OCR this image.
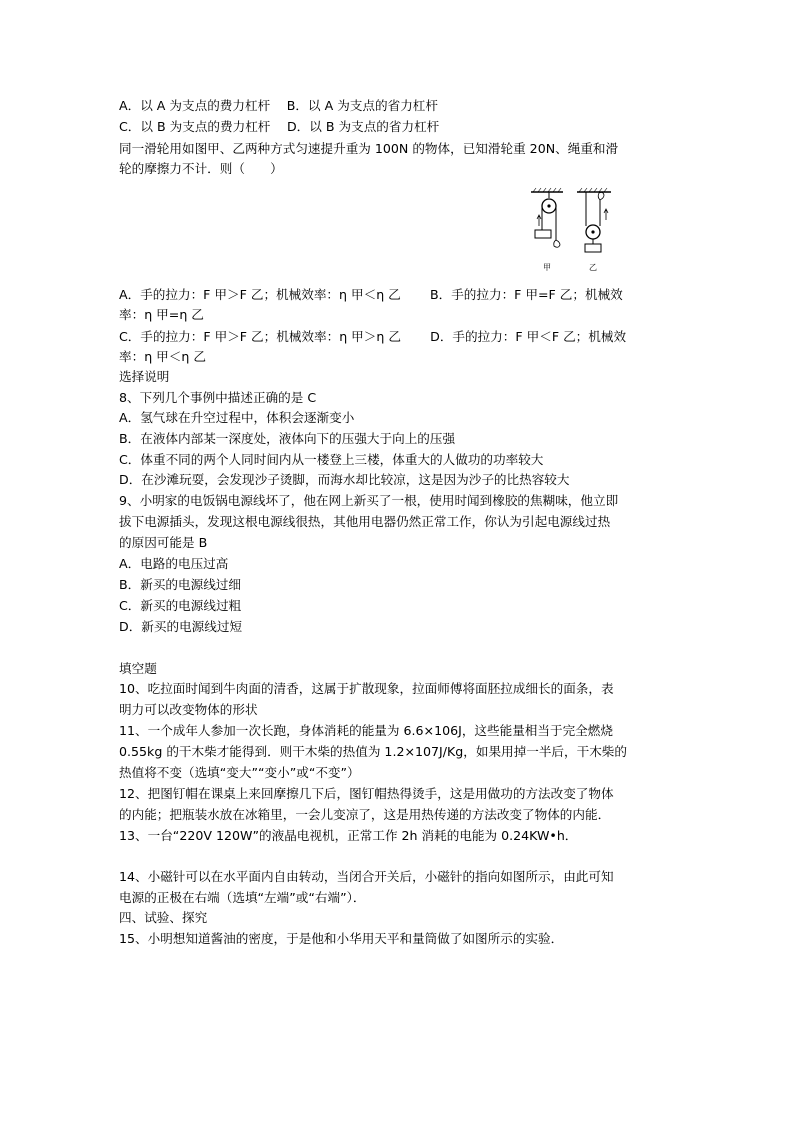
A．以 A 为支点的费力杠杆　 B．以 A 为支点的省力杠杆
C．以 B 为支点的费力杠杆　 D．以 B 为支点的省力杠杆
同一滑轮用如图甲、乙两种方式匀速提升重为 100N 的物体，已知滑轮重 20N、绳重和滑
轮的摩擦力不计．则（　　）
甲	乙
A．手的拉力：F 甲＞F 乙；机械效率：η 甲＜η 乙　　 B．手的拉力：F 甲=F 乙；机械效
率：η 甲=η 乙
C．手的拉力：F 甲＞F 乙；机械效率：η 甲＞η 乙　　 D．手的拉力：F 甲＜F 乙；机械效
率：η 甲＜η 乙
选择说明
8、下列几个事例中描述正确的是 C
A．氢气球在升空过程中，体积会逐渐变小
B．在液体内部某一深度处，液体向下的压强大于向上的压强
C．体重不同的两个人同时间内从一楼登上三楼，体重大的人做功的功率较大
D．在沙滩玩耍，会发现沙子烫脚，而海水却比较凉，这是因为沙子的比热容较大
9、小明家的电饭锅电源线坏了，他在网上新买了一根，使用时闻到橡胶的焦糊味，他立即
拔下电源插头，发现这根电源线很热，其他用电器仍然正常工作，你认为引起电源线过热
的原因可能是 B
A．电路的电压过高
B．新买的电源线过细
C．新买的电源线过粗
D．新买的电源线过短
填空题
10、吃拉面时闻到牛肉面的清香，这属于扩散现象，拉面师傅将面胚拉成细长的面条，表
明力可以改变物体的形状
11、一个成年人参加一次长跑，身体消耗的能量为 6.6×106J，这些能量相当于完全燃烧
0.55kg 的干木柴才能得到．则干木柴的热值为 1.2×107J/Kg，如果用掉一半后，干木柴的
热值将不变（选填“变大”“变小”或“不变”）
12、把图钉帽在课桌上来回摩擦几下后，图钉帽热得烫手，这是用做功的方法改变了物体
的内能；把瓶装水放在冰箱里，一会儿变凉了，这是用热传递的方法改变了物体的内能．
13、一台“220V 120W”的液晶电视机，正常工作 2h 消耗的电能为 0.24KW•h．
14、小磁针可以在水平面内自由转动，当闭合开关后，小磁针的指向如图所示，由此可知
电源的正极在右端（选填“左端”或“右端”）．
四、试验、探究
15、小明想知道酱油的密度，于是他和小华用天平和量筒做了如图所示的实验．
